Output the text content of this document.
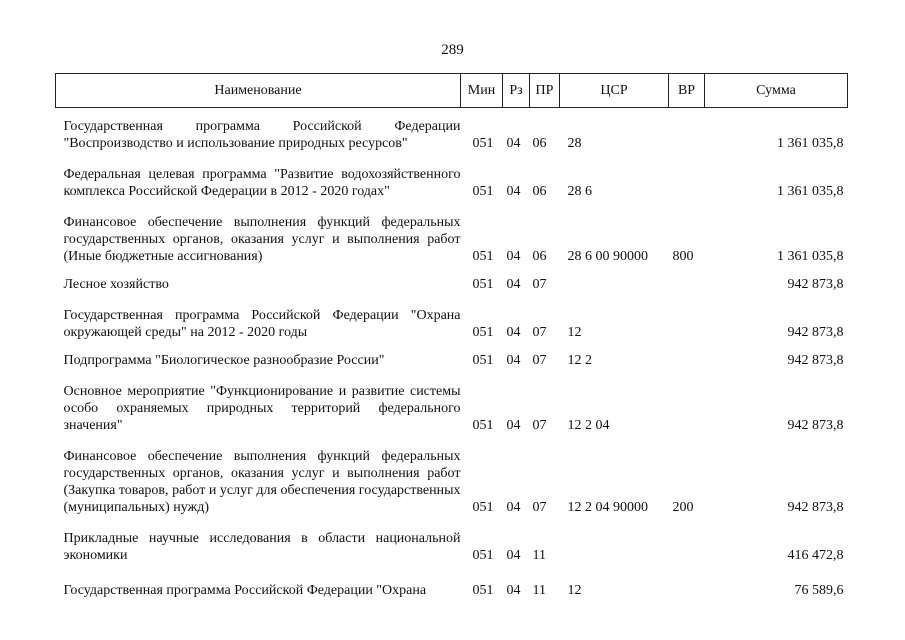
289
Наименование	Мин	Рз	ПР	ЦСР	ВР	Сумма
Государственная программа Российской Федерации "Воспроизводство и использование природных ресурсов"	051	04	06	28		1 361 035,8
Федеральная целевая программа "Развитие водохозяйственного комплекса Российской Федерации в 2012 - 2020 годах"	051	04	06	28 6		1 361 035,8
Финансовое обеспечение выполнения функций федеральных государственных органов, оказания услуг и выполнения работ (Иные бюджетные ассигнования)	051	04	06	28 6 00 90000	800	1 361 035,8
Лесное хозяйство	051	04	07			942 873,8
Государственная программа Российской Федерации "Охрана окружающей среды" на 2012 - 2020 годы	051	04	07	12		942 873,8
Подпрограмма "Биологическое разнообразие России"	051	04	07	12 2		942 873,8
Основное мероприятие "Функционирование и развитие системы особо охраняемых природных территорий федерального значения"	051	04	07	12 2 04		942 873,8
Финансовое обеспечение выполнения функций федеральных государственных органов, оказания услуг и выполнения работ (Закупка товаров, работ и услуг для обеспечения государственных (муниципальных) нужд)	051	04	07	12 2 04 90000	200	942 873,8
Прикладные научные исследования в области национальной экономики	051	04	11			416 472,8
Государственная программа Российской Федерации "Охрана	051	04	11	12		76 589,6
